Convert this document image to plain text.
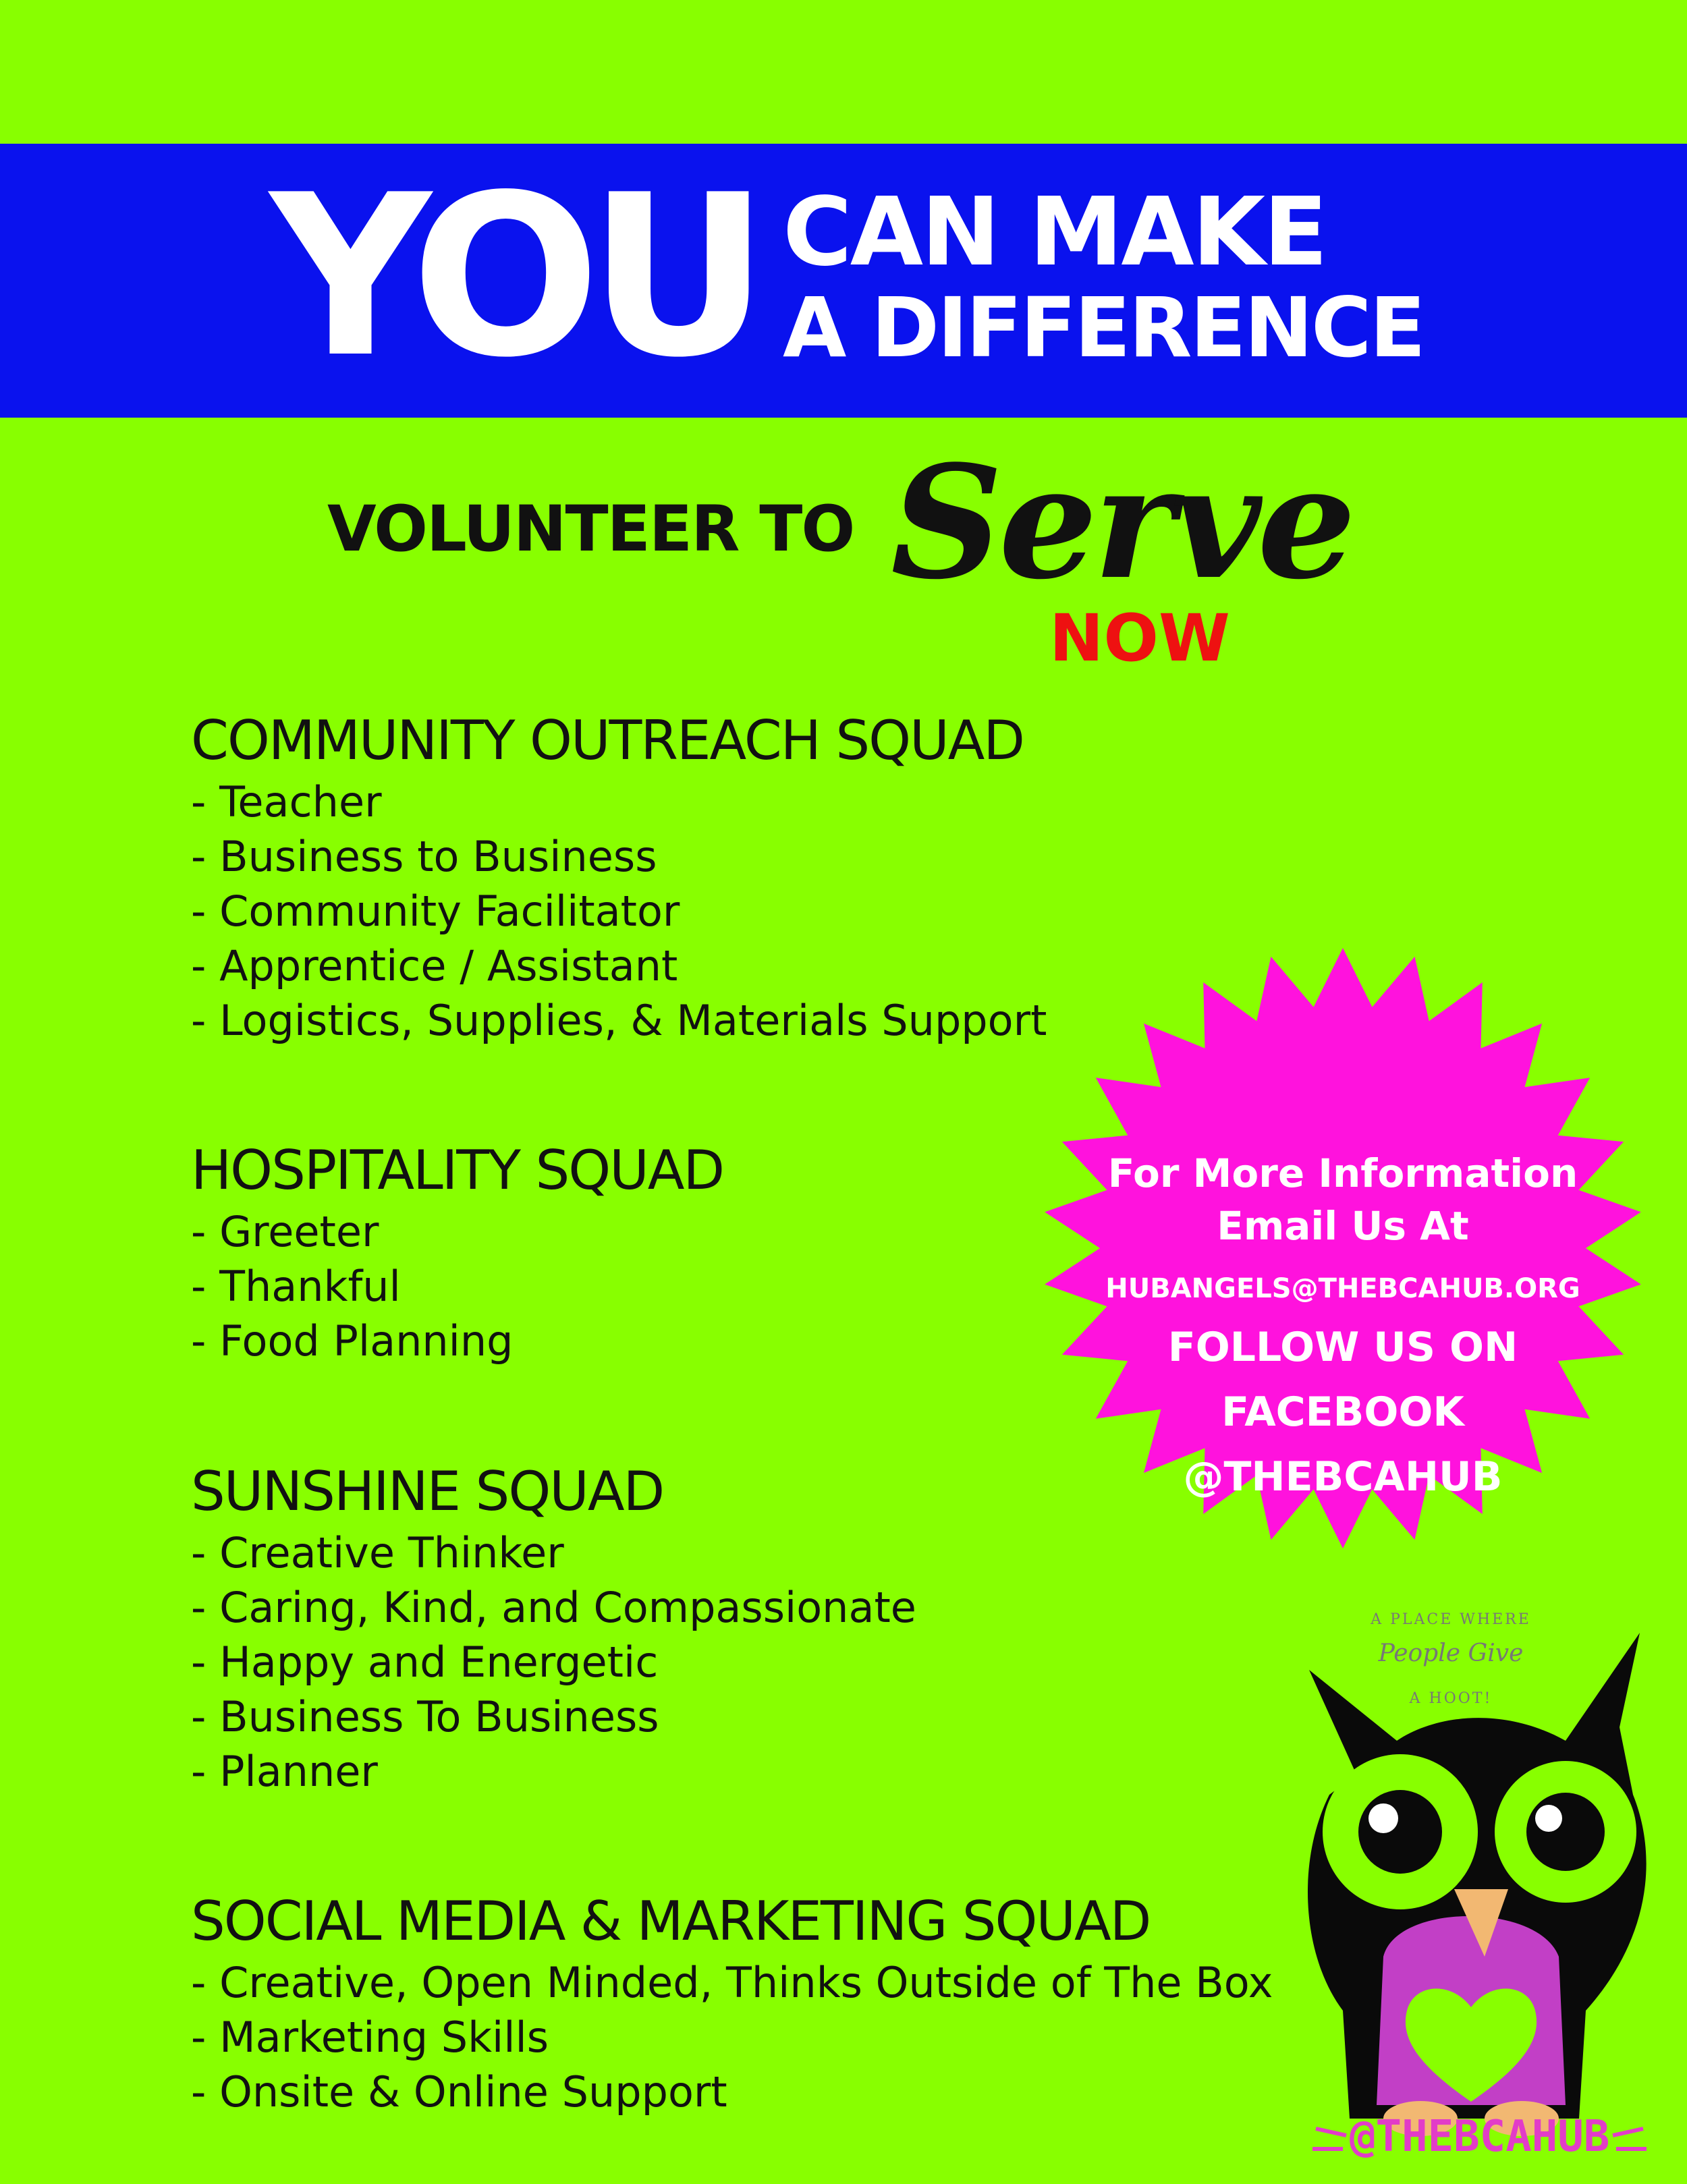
YOU CAN MAKE
A DIFFERENCE
VOLUNTEER TO Serve
NOW
COMMUNITY OUTREACH SQUAD
- Teacher
- Business to Business
- Community Facilitator
- Apprentice / Assistant
- Logistics, Supplies, & Materials Support
HOSPITALITY SQUAD
- Greeter
- Thankful
- Food Planning
SUNSHINE SQUAD
- Creative Thinker
- Caring, Kind, and Compassionate
- Happy and Energetic
- Business To Business
- Planner
SOCIAL MEDIA & MARKETING SQUAD
- Creative, Open Minded, Thinks Outside of The Box
- Marketing Skills
- Onsite & Online Support
For More Information
Email Us At
HUBANGELS@THEBCAHUB.ORG
FOLLOW US ON
FACEBOOK
@THEBCAHUB
A PLACE WHERE
People Give
A HOOT!
@THEBCAHUB
